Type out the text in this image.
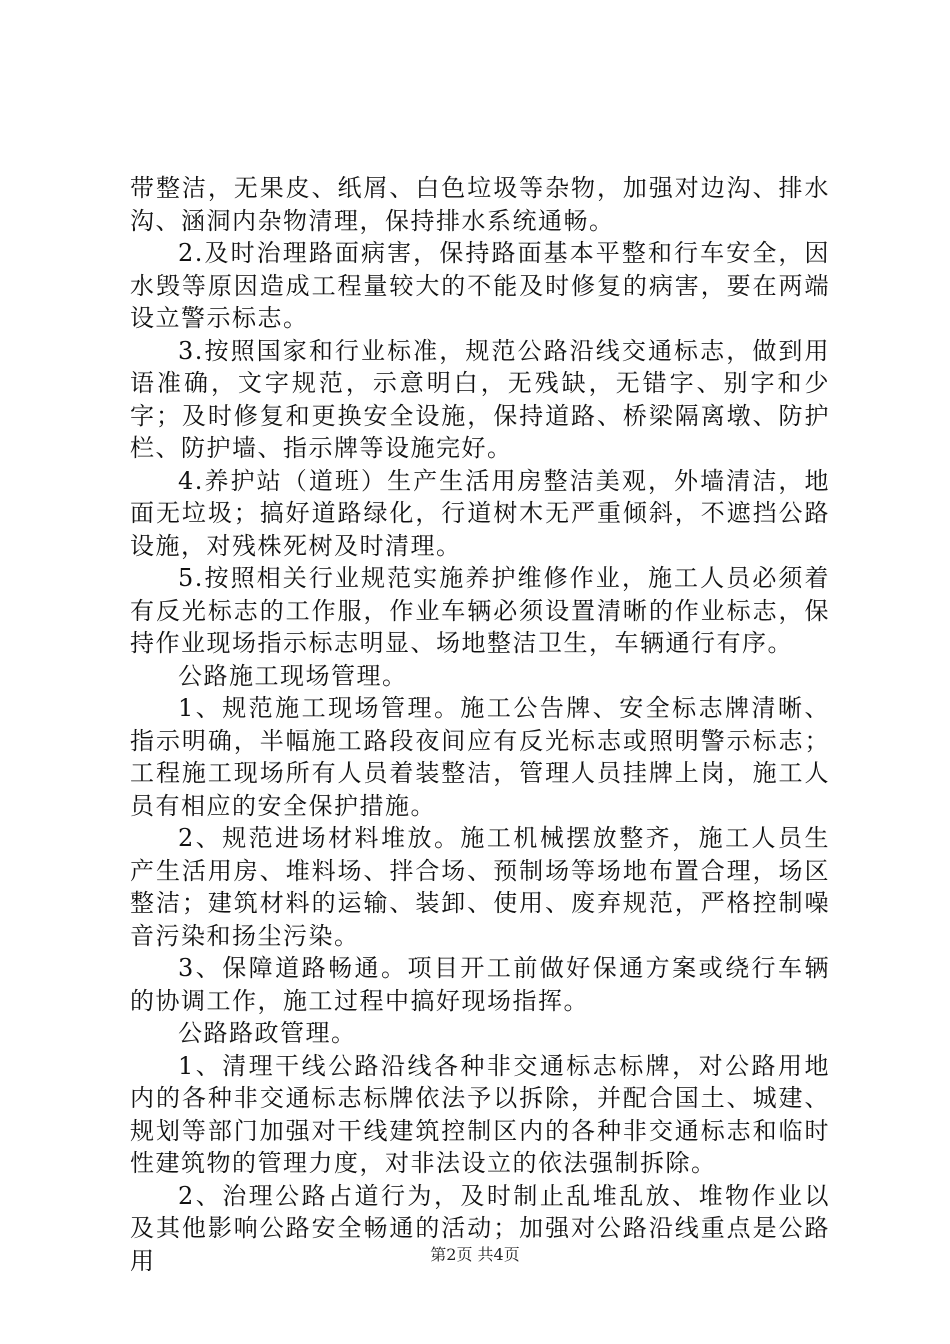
带整洁，无果皮、纸屑、白色垃圾等杂物，加强对边沟、排水沟、涵洞内杂物清理，保持排水系统通畅。

2.及时治理路面病害，保持路面基本平整和行车安全，因水毁等原因造成工程量较大的不能及时修复的病害，要在两端设立警示标志。

3.按照国家和行业标准，规范公路沿线交通标志，做到用语准确，文字规范，示意明白，无残缺，无错字、别字和少字；及时修复和更换安全设施，保持道路、桥梁隔离墩、防护栏、防护墙、指示牌等设施完好。

4.养护站（道班）生产生活用房整洁美观，外墙清洁，地面无垃圾；搞好道路绿化，行道树木无严重倾斜，不遮挡公路设施，对残株死树及时清理。

5.按照相关行业规范实施养护维修作业，施工人员必须着有反光标志的工作服，作业车辆必须设置清晰的作业标志，保持作业现场指示标志明显、场地整洁卫生，车辆通行有序。

公路施工现场管理。

1、规范施工现场管理。施工公告牌、安全标志牌清晰、指示明确，半幅施工路段夜间应有反光标志或照明警示标志；工程施工现场所有人员着装整洁，管理人员挂牌上岗，施工人员有相应的安全保护措施。

2、规范进场材料堆放。施工机械摆放整齐，施工人员生产生活用房、堆料场、拌合场、预制场等场地布置合理，场区整洁；建筑材料的运输、装卸、使用、废弃规范，严格控制噪音污染和扬尘污染。

3、保障道路畅通。项目开工前做好保通方案或绕行车辆的协调工作，施工过程中搞好现场指挥。

公路路政管理。

1、清理干线公路沿线各种非交通标志标牌，对公路用地内的各种非交通标志标牌依法予以拆除，并配合国土、城建、规划等部门加强对干线建筑控制区内的各种非交通标志和临时性建筑物的管理力度，对非法设立的依法强制拆除。

2、治理公路占道行为，及时制止乱堆乱放、堆物作业以及其他影响公路安全畅通的活动；加强对公路沿线重点是公路用	第2页 共4页
